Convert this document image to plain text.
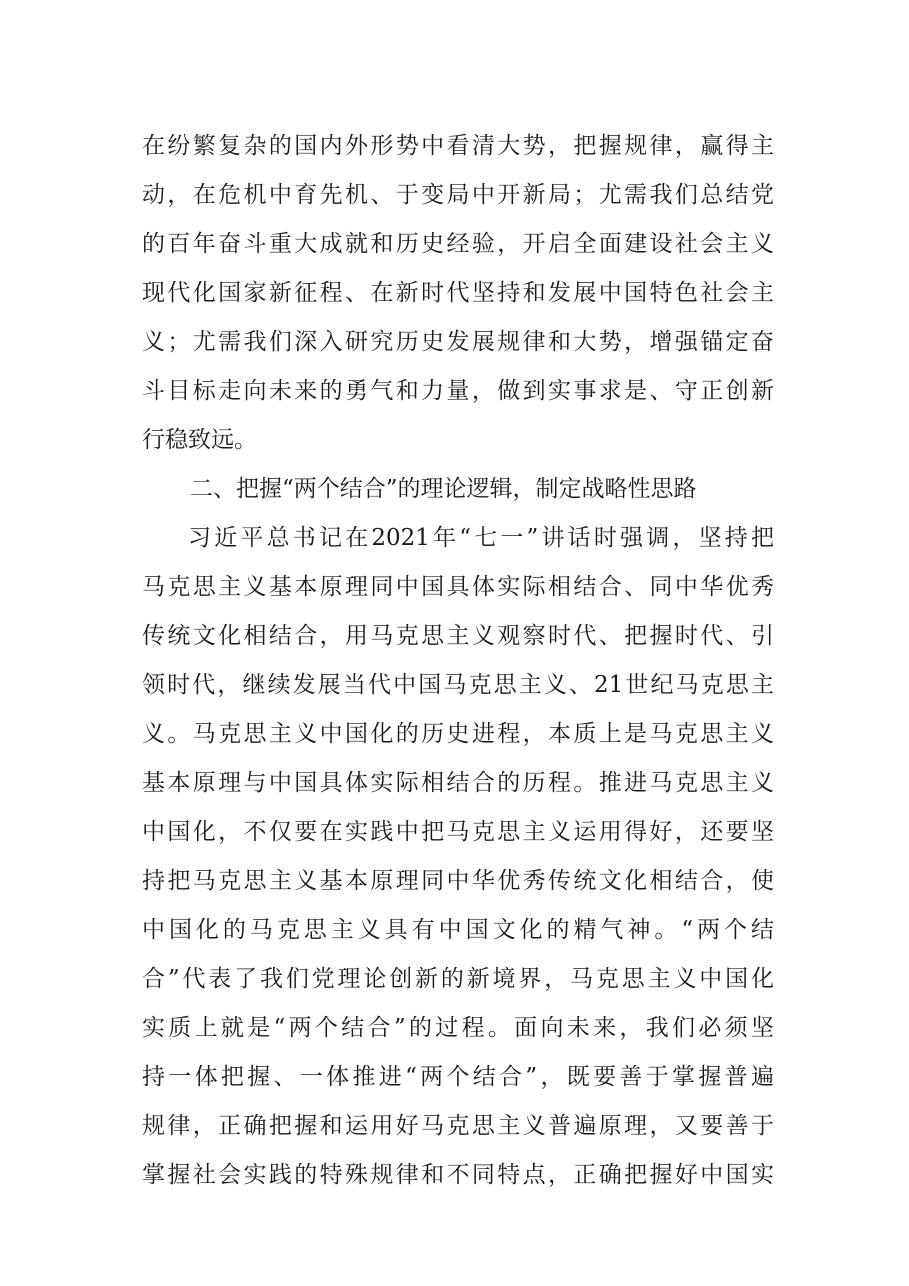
在纷繁复杂的国内外形势中看清大势，把握规律，赢得主
动，在危机中育先机、于变局中开新局；尤需我们总结党
的百年奋斗重大成就和历史经验，开启全面建设社会主义
现代化国家新征程、在新时代坚持和发展中国特色社会主
义；尤需我们深入研究历史发展规律和大势，增强锚定奋
斗目标走向未来的勇气和力量，做到实事求是、守正创新
行稳致远。
二、把握“两个结合”的理论逻辑，制定战略性思路
习近平总书记在2021年“七一”讲话时强调，坚持把
马克思主义基本原理同中国具体实际相结合、同中华优秀
传统文化相结合，用马克思主义观察时代、把握时代、引
领时代，继续发展当代中国马克思主义、21世纪马克思主
义。马克思主义中国化的历史进程，本质上是马克思主义
基本原理与中国具体实际相结合的历程。推进马克思主义
中国化，不仅要在实践中把马克思主义运用得好，还要坚
持把马克思主义基本原理同中华优秀传统文化相结合，使
中国化的马克思主义具有中国文化的精气神。“两个结
合”代表了我们党理论创新的新境界，马克思主义中国化
实质上就是“两个结合”的过程。面向未来，我们必须坚
持一体把握、一体推进“两个结合”，既要善于掌握普遍
规律，正确把握和运用好马克思主义普遍原理，又要善于
掌握社会实践的特殊规律和不同特点，正确把握好中国实
